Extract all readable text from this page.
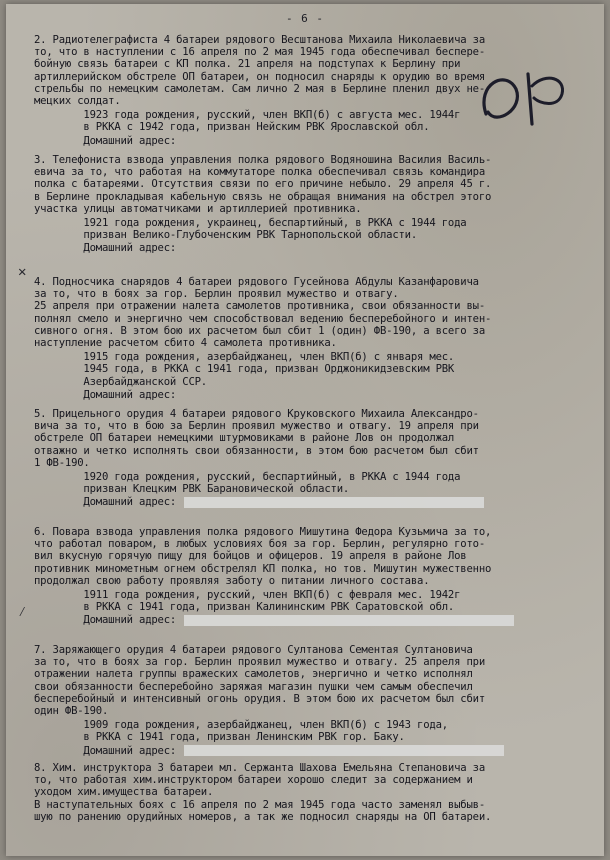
- 6 -
2. Радиотелеграфиста 4 батареи рядового Весштанова Михаила Николаевича за
то, что в наступлении с 16 апреля по 2 мая 1945 года обеспечивал беспере-
бойную связь батареи с КП полка. 21 апреля на подступах к Берлину при
артиллерийском обстреле ОП батареи, он подносил снаряды к орудию во время
стрельбы по немецким самолетам. Сам лично 2 мая в Берлине пленил двух не-
мецких солдат.
1923 года рождения, русский, член ВКП(б) с августа мес. 1944г
в РККА с 1942 года, призван Нейским РВК Ярославской обл.
Домашний адрес:
3. Телефониста взвода управления полка рядового Водяношина Василия Василь-
евича за то, что работая на коммутаторе полка обеспечивал связь командира
полка с батареями. Отсутствия связи по его причине небыло. 29 апреля 45 г.
в Берлине прокладывая кабельную связь не обращая внимания на обстрел этого
участка улицы автоматчиками и артиллерией противника.
1921 года рождения, украинец, беспартийный, в РККА с 1944 года
призван Велико-Глубоченским РВК Тарнопольской области.
Домашний адрес:
4. Подносчика снарядов 4 батареи рядового Гусейнова Абдулы Казанфаровича
за то, что в боях за гор. Берлин проявил мужество и отвагу.
25 апреля при отражении налета самолетов противника, свои обязанности вы-
полнял смело и энергично чем способствовал ведению бесперебойного и интен-
сивного огня. В этом бою их расчетом был сбит 1 (один) ФВ-190, а всего за
наступление расчетом сбито 4 самолета противника.
1915 года рождения, азербайджанец, член ВКП(б) с января мес.
1945 года, в РККА с 1941 года, призван Орджоникидзевским РВК
Азербайджанской ССР.
Домашний адрес:
✕
5. Прицельного орудия 4 батареи рядового Круковского Михаила Александро-
вича за то, что в бою за Берлин проявил мужество и отвагу. 19 апреля при
обстреле ОП батареи немецкими штурмовиками в районе Лов он продолжал
отважно и четко исполнять свои обязанности, в этом бою расчетом был сбит
1 ФВ-190.
1920 года рождения, русский, беспартийный, в РККА с 1944 года
призван Клецким РВК Барановической области.
Домашний адрес:
6. Повара взвода управления полка рядового Мишутина Федора Кузьмича за то,
что работал поваром, в любых условиях боя за гор. Берлин, регулярно гото-
вил вкусную горячую пищу для бойцов и офицеров. 19 апреля в районе Лов
противник минометным огнем обстрелял КП полка, но тов. Мишутин мужественно
продолжал свою работу проявляя заботу о питании личного состава.
1911 года рождения, русский, член ВКП(б) с февраля мес. 1942г
в РККА с 1941 года, призван Калининским РВК Саратовской обл.
Домашний адрес:
⁄
7. Заряжающего орудия 4 батареи рядового Султанова Сементая Султановича
за то, что в боях за гор. Берлин проявил мужество и отвагу. 25 апреля при
отражении налета группы вражеских самолетов, энергично и четко исполнял
свои обязанности бесперебойно заряжая магазин пушки чем самым обеспечил
бесперебойный и интенсивный огонь орудия. В этом бою их расчетом был сбит
один ФВ-190.
1909 года рождения, азербайджанец, член ВКП(б) с 1943 года,
в РККА с 1941 года, призван Ленинским РВК гор. Баку.
Домашний адрес:
8. Хим. инструктора 3 батареи мл. Сержанта Шахова Емельяна Степановича за
то, что работая хим.инструктором батареи хорошо следит за содержанием и
уходом хим.имущества батареи.
В наступательных боях с 16 апреля по 2 мая 1945 года часто заменял выбыв-
шую по ранению орудийных номеров, а так же подносил снаряды на ОП батареи.
